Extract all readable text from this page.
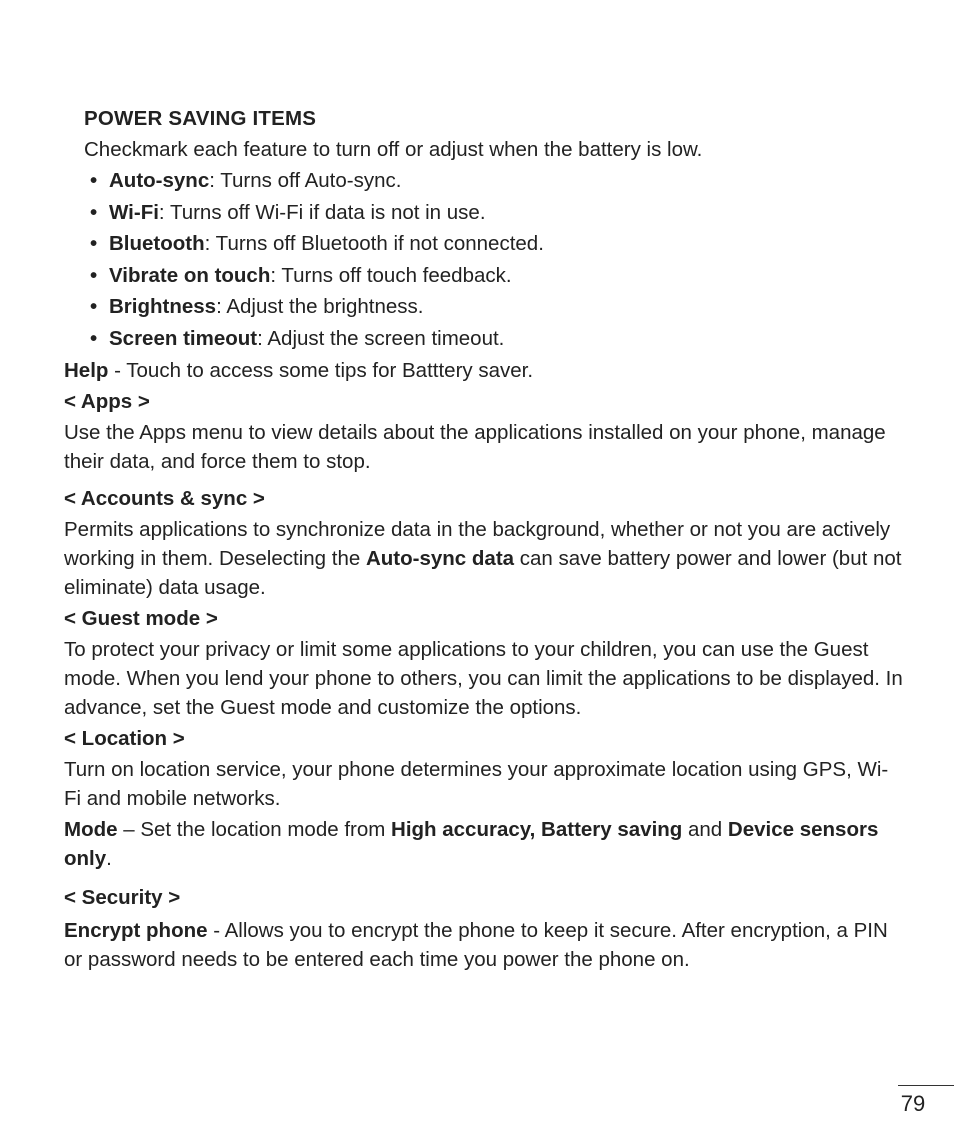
POWER SAVING ITEMS

Checkmark each feature to turn off or adjust when the battery is low.

• Auto-sync: Turns off Auto-sync.
• Wi-Fi: Turns off Wi-Fi if data is not in use.
• Bluetooth: Turns off Bluetooth if not connected.
• Vibrate on touch: Turns off touch feedback.
• Brightness: Adjust the brightness.
• Screen timeout: Adjust the screen timeout.

Help - Touch to access some tips for Batttery saver.

< Apps >

Use the Apps menu to view details about the applications installed on your phone, manage their data, and force them to stop.

< Accounts & sync >

Permits applications to synchronize data in the background, whether or not you are actively working in them. Deselecting the Auto-sync data can save battery power and lower (but not eliminate) data usage.

< Guest mode >

To protect your privacy or limit some applications to your children, you can use the Guest mode. When you lend your phone to others, you can limit the applications to be displayed. In advance, set the Guest mode and customize the options.

< Location >

Turn on location service, your phone determines your approximate location using GPS, Wi-Fi and mobile networks.

Mode – Set the location mode from High accuracy, Battery saving and Device sensors only.

< Security >

Encrypt phone - Allows you to encrypt the phone to keep it secure. After encryption, a PIN or password needs to be entered each time you power the phone on.

79
